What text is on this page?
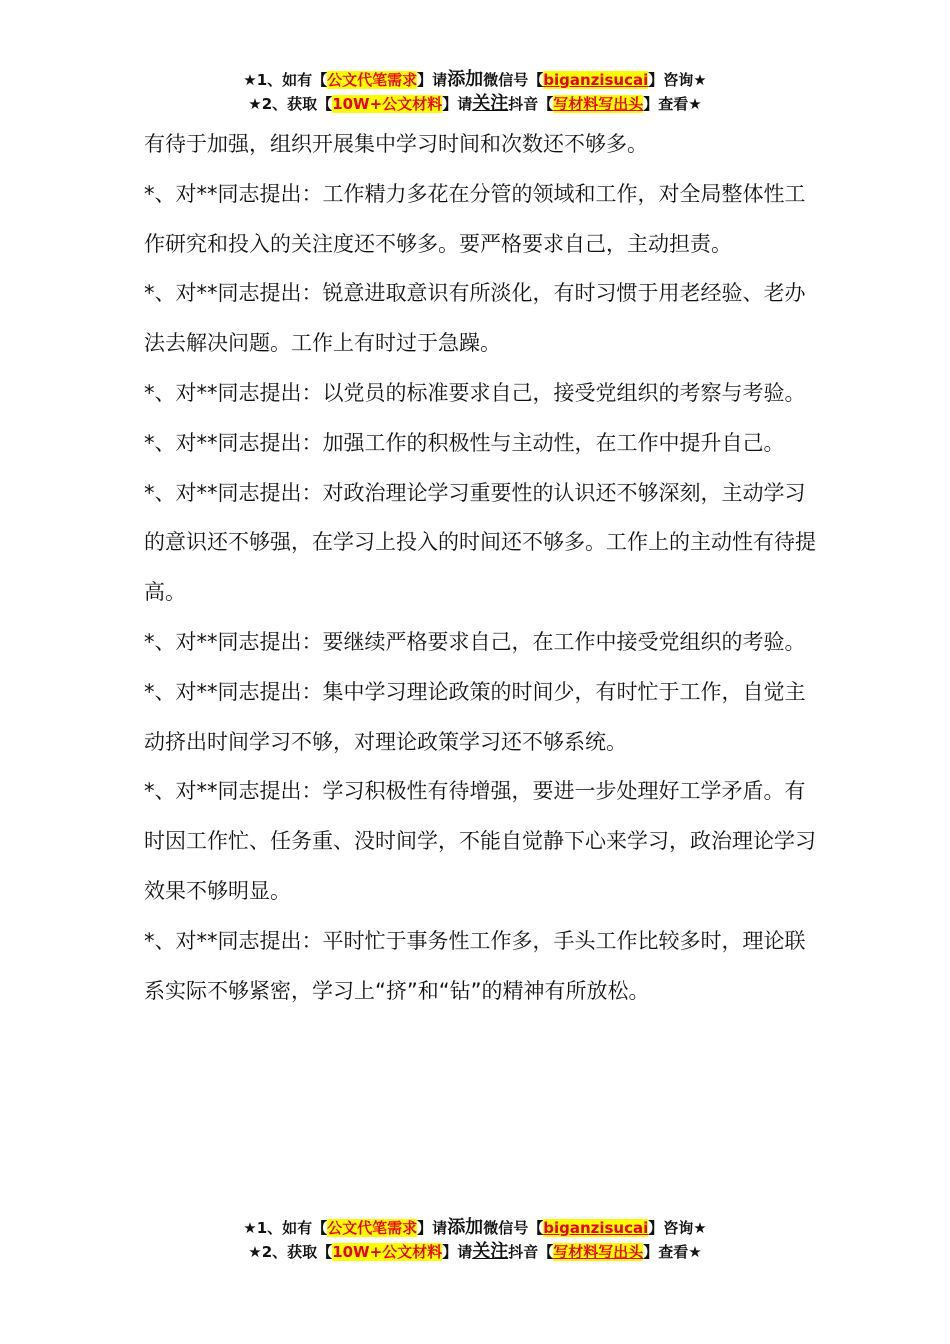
★1、如有【公文代笔需求】请添加微信号【biganzisucai】咨询★
★2、获取【10W+公文材料】请关注抖音【写材料写出头】查看★

有待于加强，组织开展集中学习时间和次数还不够多。

*、对**同志提出：工作精力多花在分管的领域和工作，对全局整体性工作研究和投入的关注度还不够多。要严格要求自己，主动担责。

*、对**同志提出：锐意进取意识有所淡化，有时习惯于用老经验、老办法去解决问题。工作上有时过于急躁。

*、对**同志提出：以党员的标准要求自己，接受党组织的考察与考验。

*、对**同志提出：加强工作的积极性与主动性，在工作中提升自己。

*、对**同志提出：对政治理论学习重要性的认识还不够深刻，主动学习的意识还不够强，在学习上投入的时间还不够多。工作上的主动性有待提高。

*、对**同志提出：要继续严格要求自己，在工作中接受党组织的考验。

*、对**同志提出：集中学习理论政策的时间少，有时忙于工作，自觉主动挤出时间学习不够，对理论政策学习还不够系统。

*、对**同志提出：学习积极性有待增强，要进一步处理好工学矛盾。有时因工作忙、任务重、没时间学，不能自觉静下心来学习，政治理论学习效果不够明显。

*、对**同志提出：平时忙于事务性工作多，手头工作比较多时，理论联系实际不够紧密，学习上“挤”和“钻”的精神有所放松。

★1、如有【公文代笔需求】请添加微信号【biganzisucai】咨询★
★2、获取【10W+公文材料】请关注抖音【写材料写出头】查看★
